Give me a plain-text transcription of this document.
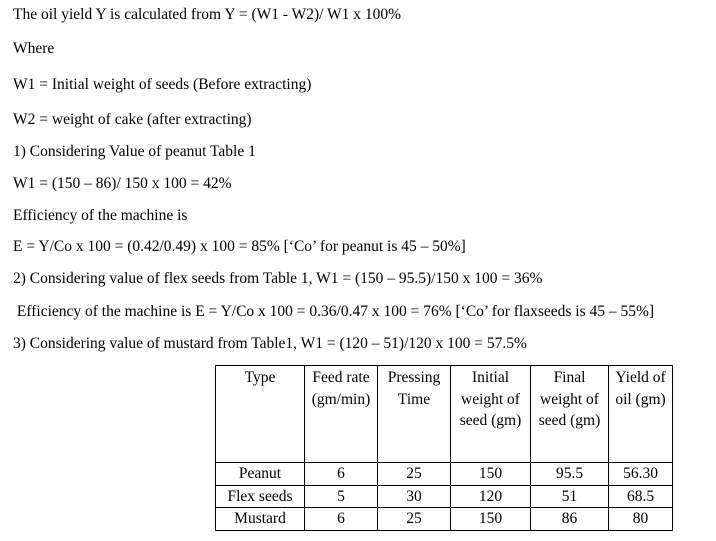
The oil yield Y is calculated from Y = (W1 - W2)/ W1 x 100%
Where
W1 = Initial weight of seeds (Before extracting)
W2 = weight of cake (after extracting)
1) Considering Value of peanut Table 1
W1 = (150 – 86)/ 150 x 100 = 42%
Efficiency of the machine is
E = Y/Co x 100 = (0.42/0.49) x 100 = 85% [‘Co’ for peanut is 45 – 50%]
2) Considering value of flex seeds from Table 1, W1 = (150 – 95.5)/150 x 100 = 36%
Efficiency of the machine is E = Y/Co x 100 = 0.36/0.47 x 100 = 76% [‘Co’ for flaxseeds is 45 – 55%]
3) Considering value of mustard from Table1, W1 = (120 – 51)/120 x 100 = 57.5%
Type	Feed rate (gm/min)	Pressing Time	Initial weight of seed (gm)	Final weight of seed (gm)	Yield of oil (gm)
Peanut	6	25	150	95.5	56.30
Flex seeds	5	30	120	51	68.5
Mustard	6	25	150	86	80
